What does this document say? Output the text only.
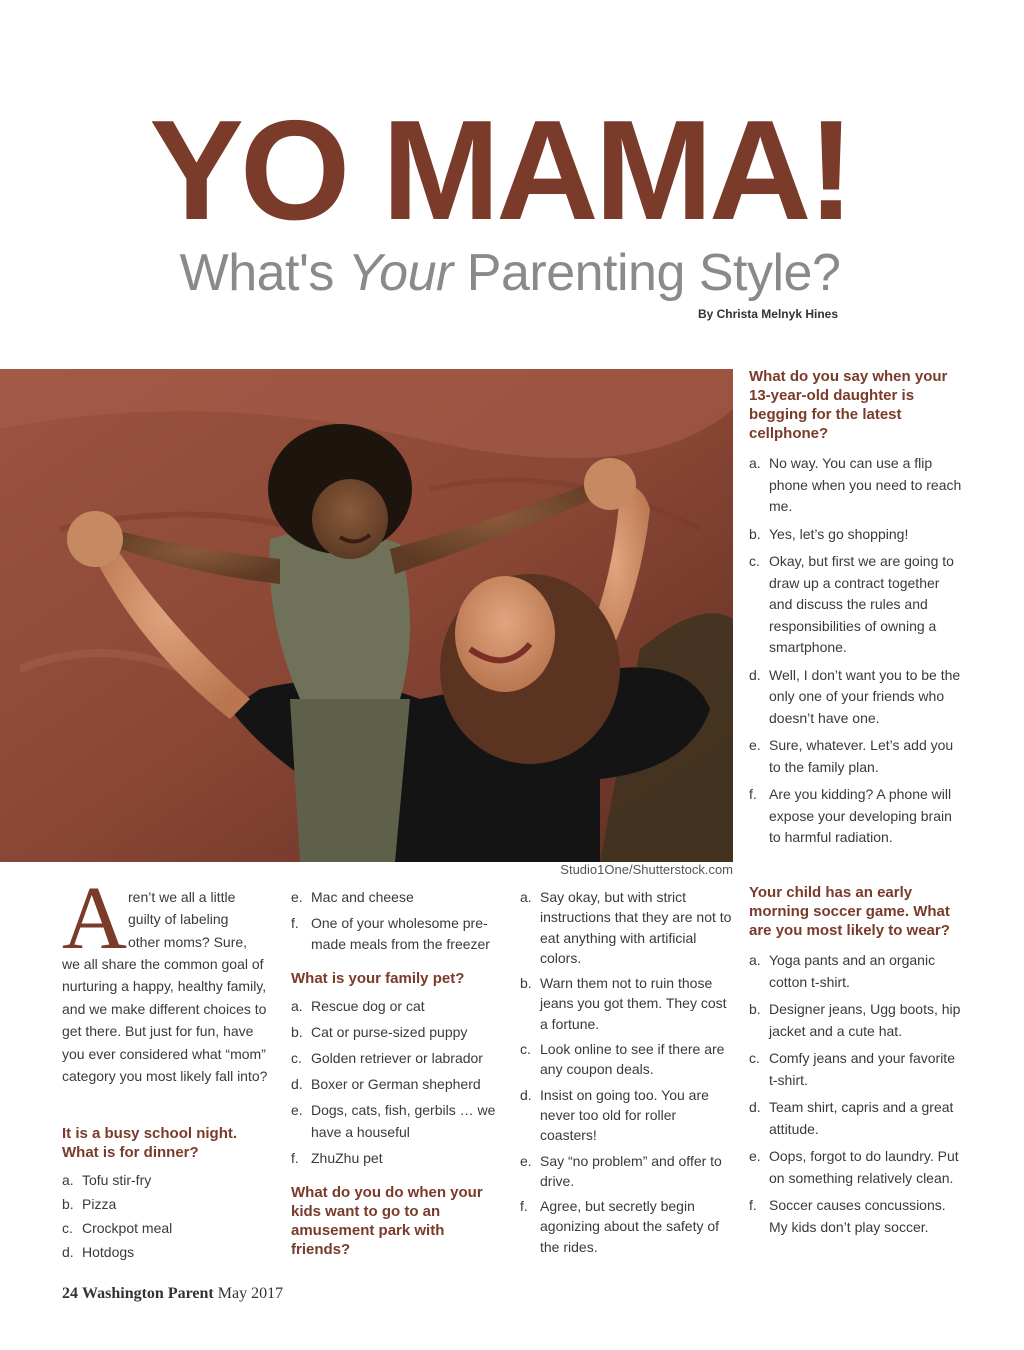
YO MAMA!
What's Your Parenting Style?
By Christa Melnyk Hines
Studio1One/Shutterstock.com
A ren’t we all a little
guilty of labeling
other moms? Sure,
we all share the common goal of nurturing a happy, healthy family, and we make different choices to get there. But just for fun, have you ever considered what “mom” category you most likely fall into?
It is a busy school night. What is for dinner?
a. Tofu stir-fry
b. Pizza
c. Crockpot meal
d. Hotdogs
e. Mac and cheese
f. One of your wholesome pre-made meals from the freezer
What is your family pet?
a. Rescue dog or cat
b. Cat or purse-sized puppy
c. Golden retriever or labrador
d. Boxer or German shepherd
e. Dogs, cats, fish, gerbils … we have a houseful
f. ZhuZhu pet
What do you do when your kids want to go to an amusement park with friends?
a. Say okay, but with strict instructions that they are not to eat anything with artificial colors.
b. Warn them not to ruin those jeans you got them. They cost a fortune.
c. Look online to see if there are any coupon deals.
d. Insist on going too. You are never too old for roller coasters!
e. Say “no problem” and offer to drive.
f. Agree, but secretly begin agonizing about the safety of the rides.
What do you say when your 13-year-old daughter is begging for the latest cellphone?
a. No way. You can use a flip phone when you need to reach me.
b. Yes, let’s go shopping!
c. Okay, but first we are going to draw up a contract together and discuss the rules and responsibilities of owning a smartphone.
d. Well, I don’t want you to be the only one of your friends who doesn’t have one.
e. Sure, whatever. Let’s add you to the family plan.
f. Are you kidding? A phone will expose your developing brain to harmful radiation.
Your child has an early morning soccer game. What are you most likely to wear?
a. Yoga pants and an organic cotton t-shirt.
b. Designer jeans, Ugg boots, hip jacket and a cute hat.
c. Comfy jeans and your favorite t-shirt.
d. Team shirt, capris and a great attitude.
e. Oops, forgot to do laundry. Put on something relatively clean.
f. Soccer causes concussions. My kids don’t play soccer.
24 Washington Parent May 2017
